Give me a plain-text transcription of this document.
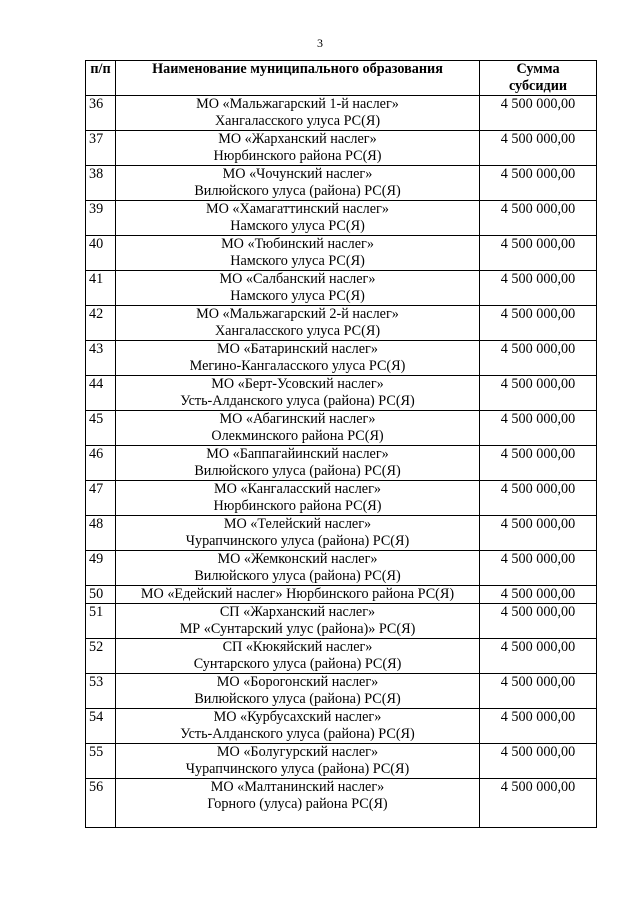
3
п/п	Наименование муниципального образования	Сумма
субсидии

36	МО «Мальжагарский 1-й наслег»
Хангаласского улуса РС(Я)	4 500 000,00
37	МО «Жарханский наслег»
Нюрбинского района РС(Я)	4 500 000,00
38	МО «Чочунский наслег»
Вилюйского улуса (района) РС(Я)	4 500 000,00
39	МО «Хамагаттинский наслег»
Намского улуса РС(Я)	4 500 000,00
40	МО «Тюбинский наслег»
Намского улуса РС(Я)	4 500 000,00
41	МО «Салбанский наслег»
Намского улуса РС(Я)	4 500 000,00
42	МО «Мальжагарский 2-й наслег»
Хангаласского улуса РС(Я)	4 500 000,00
43	МО «Батаринский наслег»
Мегино-Кангаласского улуса РС(Я)	4 500 000,00
44	МО «Берт-Усовский наслег»
Усть-Алданского улуса (района) РС(Я)	4 500 000,00
45	МО «Абагинский наслег»
Олекминского района РС(Я)	4 500 000,00
46	МО «Баппагайинский наслег»
Вилюйского улуса (района) РС(Я)	4 500 000,00
47	МО «Кангаласский наслег»
Нюрбинского района РС(Я)	4 500 000,00
48	МО «Телейский наслег»
Чурапчинского улуса (района) РС(Я)	4 500 000,00
49	МО «Жемконский наслег»
Вилюйского улуса (района) РС(Я)	4 500 000,00
50	МО «Едейский наслег» Нюрбинского района РС(Я)	4 500 000,00
51	СП «Жарханский наслег»
МР «Сунтарский улус (района)» РС(Я)	4 500 000,00
52	СП «Кюкяйский наслег»
Сунтарского улуса (района) РС(Я)	4 500 000,00
53	МО «Борогонский наслег»
Вилюйского улуса (района) РС(Я)	4 500 000,00
54	МО «Курбусахский наслег»
Усть-Алданского улуса (района) РС(Я)	4 500 000,00
55	МО «Болугурский наслег»
Чурапчинского улуса (района) РС(Я)	4 500 000,00
56	МО «Малтанинский наслег»
Горного (улуса) района РС(Я)	4 500 000,00
